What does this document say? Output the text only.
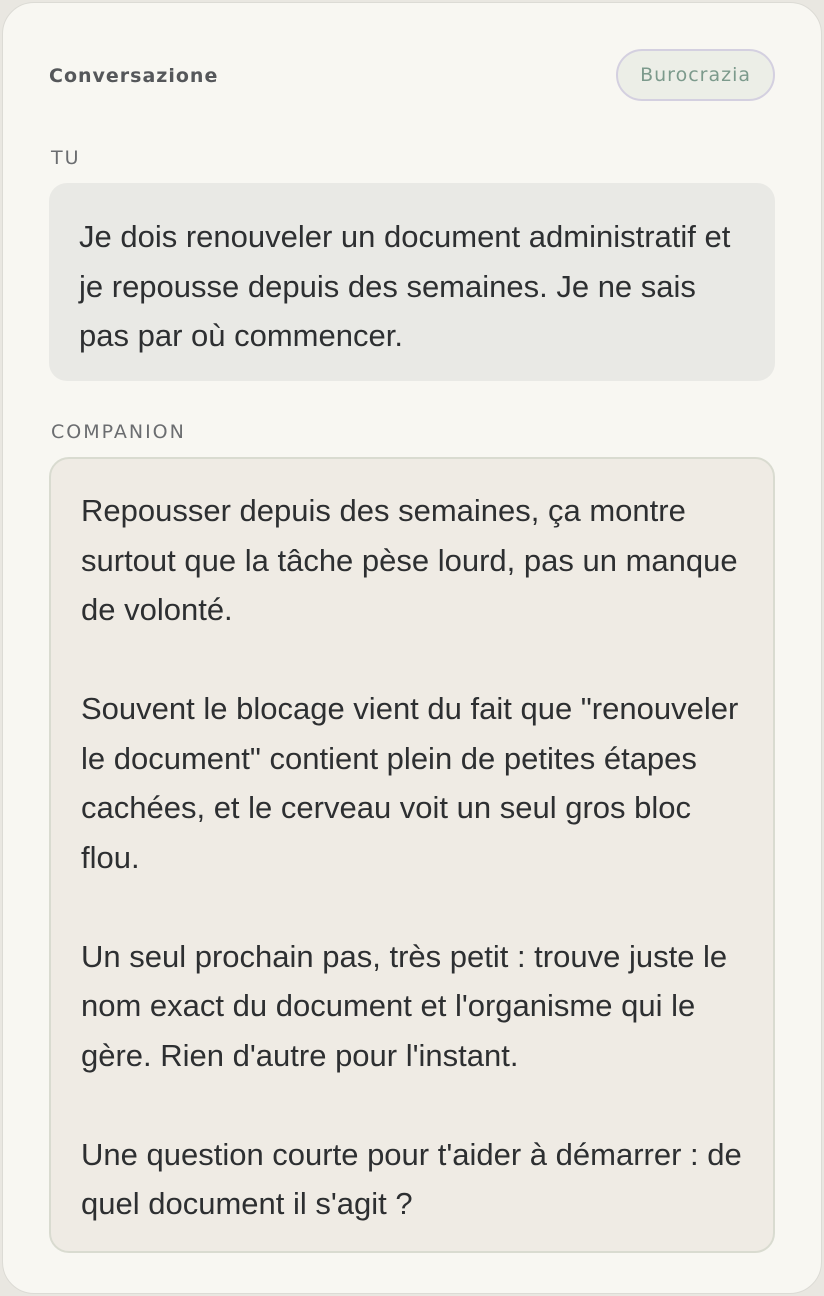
Conversazione	Burocrazia
TU

Je dois renouveler un document administratif et je repousse depuis des semaines. Je ne sais pas par où commencer.

COMPANION

Repousser depuis des semaines, ça montre surtout que la tâche pèse lourd, pas un manque de volonté.

Souvent le blocage vient du fait que "renouveler le document" contient plein de petites étapes cachées, et le cerveau voit un seul gros bloc flou.

Un seul prochain pas, très petit : trouve juste le nom exact du document et l'organisme qui le gère. Rien d'autre pour l'instant.

Une question courte pour t'aider à démarrer : de quel document il s'agit ?
